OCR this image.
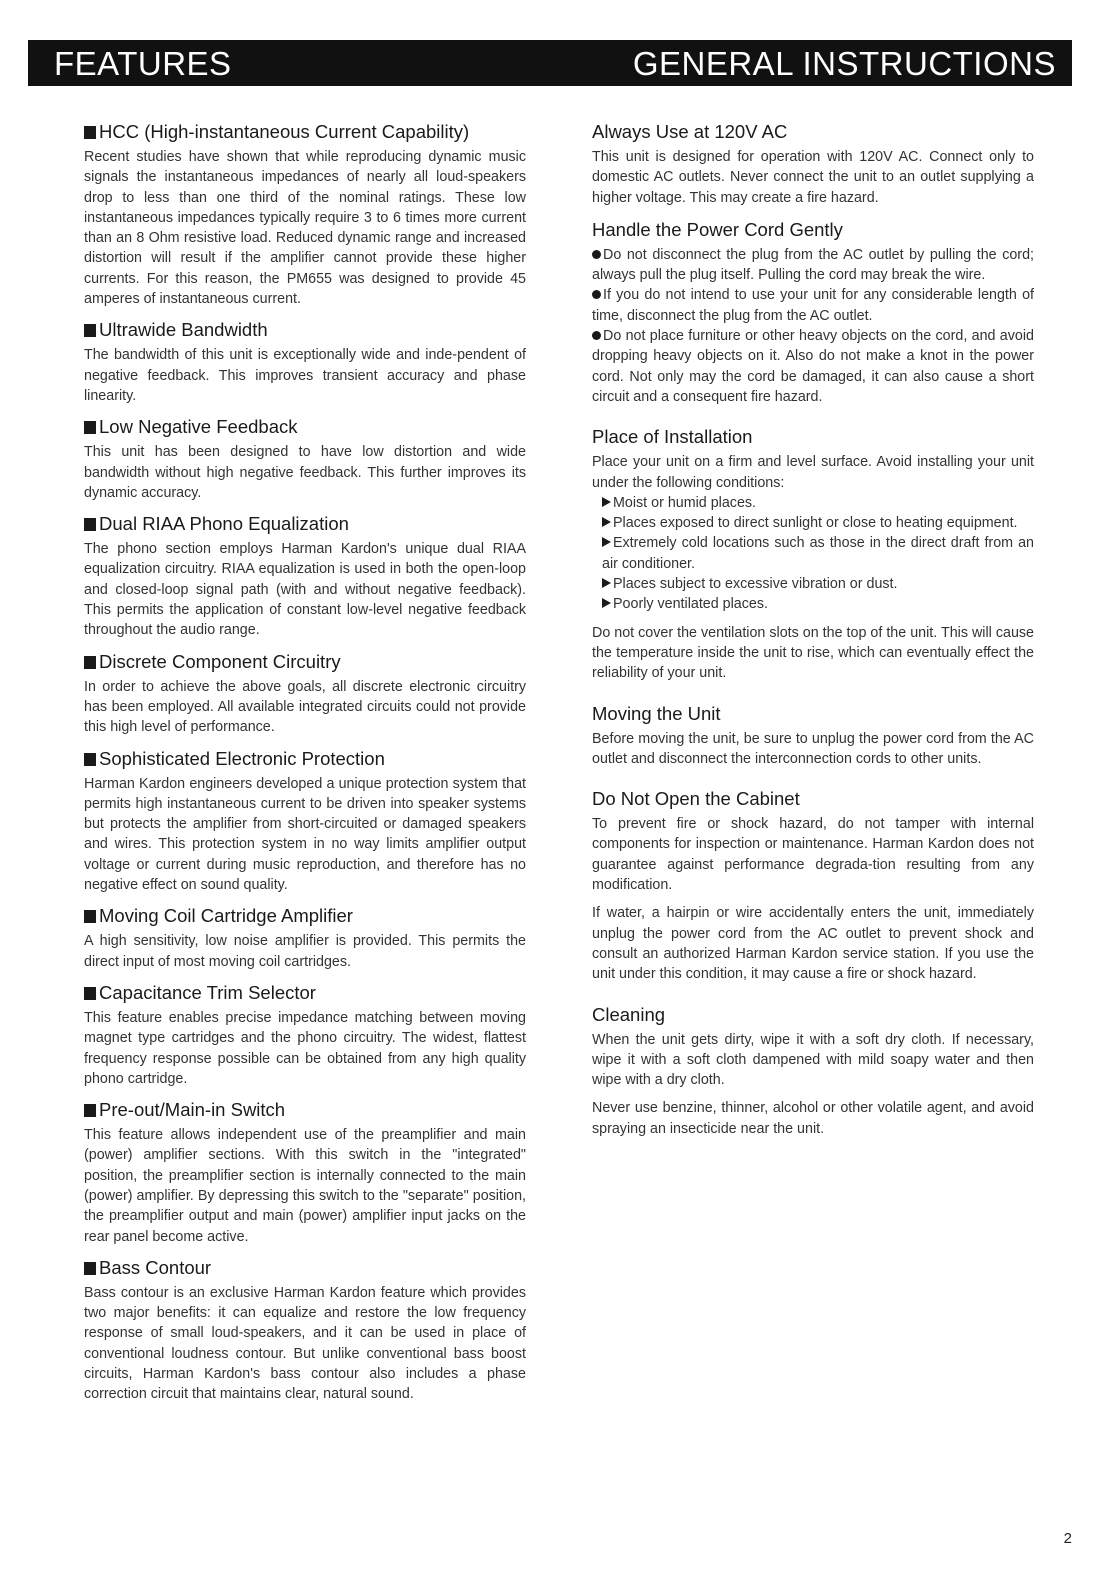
FEATURES	GENERAL INSTRUCTIONS
HCC (High-instantaneous Current Capability)

Recent studies have shown that while reproducing dynamic music signals the instantaneous impedances of nearly all loud-speakers drop to less than one third of the nominal ratings. These low instantaneous impedances typically require 3 to 6 times more current than an 8 Ohm resistive load. Reduced dynamic range and increased distortion will result if the amplifier cannot provide these higher currents. For this reason, the PM655 was designed to provide 45 amperes of instantaneous current.

Ultrawide Bandwidth

The bandwidth of this unit is exceptionally wide and inde-pendent of negative feedback. This improves transient accuracy and phase linearity.

Low Negative Feedback

This unit has been designed to have low distortion and wide bandwidth without high negative feedback. This further improves its dynamic accuracy.

Dual RIAA Phono Equalization

The phono section employs Harman Kardon's unique dual RIAA equalization circuitry. RIAA equalization is used in both the open-loop and closed-loop signal path (with and without negative feedback). This permits the application of constant low-level negative feedback throughout the audio range.

Discrete Component Circuitry

In order to achieve the above goals, all discrete electronic circuitry has been employed. All available integrated circuits could not provide this high level of performance.

Sophisticated Electronic Protection

Harman Kardon engineers developed a unique protection system that permits high instantaneous current to be driven into speaker systems but protects the amplifier from short-circuited or damaged speakers and wires. This protection system in no way limits amplifier output voltage or current during music reproduction, and therefore has no negative effect on sound quality.

Moving Coil Cartridge Amplifier

A high sensitivity, low noise amplifier is provided. This permits the direct input of most moving coil cartridges.

Capacitance Trim Selector

This feature enables precise impedance matching between moving magnet type cartridges and the phono circuitry. The widest, flattest frequency response possible can be obtained from any high quality phono cartridge.

Pre-out/Main-in Switch

This feature allows independent use of the preamplifier and main (power) amplifier sections. With this switch in the "integrated" position, the preamplifier section is internally connected to the main (power) amplifier. By depressing this switch to the "separate" position, the preamplifier output and main (power) amplifier input jacks on the rear panel become active.

Bass Contour

Bass contour is an exclusive Harman Kardon feature which provides two major benefits: it can equalize and restore the low frequency response of small loud-speakers, and it can be used in place of conventional loudness contour. But unlike conventional bass boost circuits, Harman Kardon's bass contour also includes a phase correction circuit that maintains clear, natural sound.

Always Use at 120V AC

This unit is designed for operation with 120V AC. Connect only to domestic AC outlets. Never connect the unit to an outlet supplying a higher voltage. This may create a fire hazard.

Handle the Power Cord Gently

Do not disconnect the plug from the AC outlet by pulling the cord; always pull the plug itself. Pulling the cord may break the wire.

If you do not intend to use your unit for any considerable length of time, disconnect the plug from the AC outlet.

Do not place furniture or other heavy objects on the cord, and avoid dropping heavy objects on it. Also do not make a knot in the power cord. Not only may the cord be damaged, it can also cause a short circuit and a consequent fire hazard.

Place of Installation

Place your unit on a firm and level surface. Avoid installing your unit under the following conditions:

Moist or humid places.
Places exposed to direct sunlight or close to heating equipment.
Extremely cold locations such as those in the direct draft from an air conditioner.
Places subject to excessive vibration or dust.
Poorly ventilated places.

Do not cover the ventilation slots on the top of the unit. This will cause the temperature inside the unit to rise, which can eventually effect the reliability of your unit.

Moving the Unit

Before moving the unit, be sure to unplug the power cord from the AC outlet and disconnect the interconnection cords to other units.

Do Not Open the Cabinet

To prevent fire or shock hazard, do not tamper with internal components for inspection or maintenance. Harman Kardon does not guarantee against performance degrada-tion resulting from any modification.

If water, a hairpin or wire accidentally enters the unit, immediately unplug the power cord from the AC outlet to prevent shock and consult an authorized Harman Kardon service station. If you use the unit under this condition, it may cause a fire or shock hazard.

Cleaning

When the unit gets dirty, wipe it with a soft dry cloth. If necessary, wipe it with a soft cloth dampened with mild soapy water and then wipe with a dry cloth.

Never use benzine, thinner, alcohol or other volatile agent, and avoid spraying an insecticide near the unit.

2
